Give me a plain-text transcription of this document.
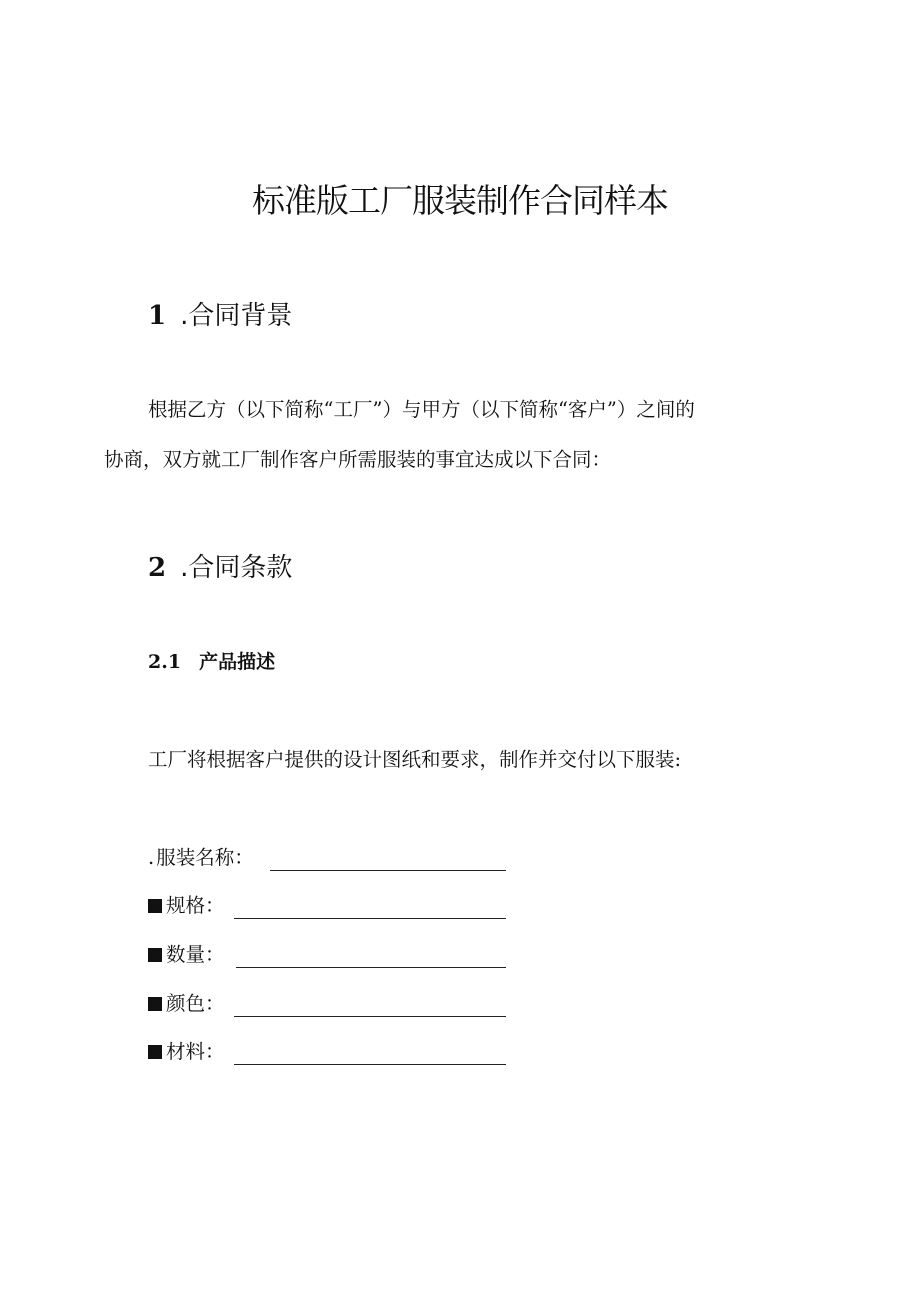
标准版工厂服装制作合同样本
1 .合同背景
根据乙方（以下简称“工厂”）与甲方（以下简称“客户”）之间的
协商，双方就工厂制作客户所需服装的事宜达成以下合同：
2 .合同条款
2.1 产品描述
工厂将根据客户提供的设计图纸和要求，制作并交付以下服装:
. 服装名称：
规格：
数量：
颜色：
材料：
